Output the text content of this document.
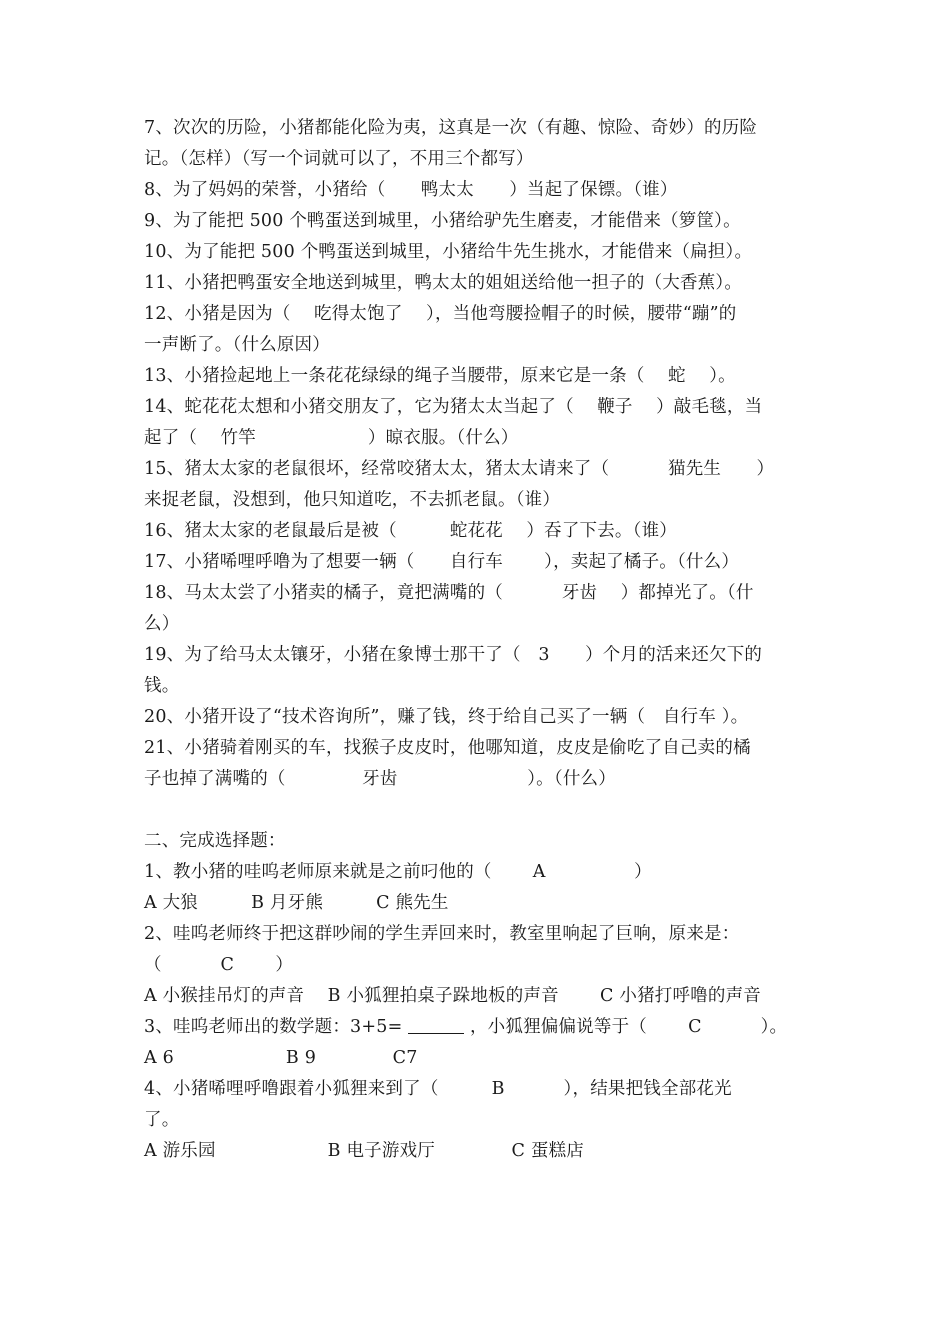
7、次次的历险，小猪都能化险为夷，这真是一次（有趣、惊险、奇妙）的历险
记。（怎样）（写一个词就可以了，不用三个都写）
8、为了妈妈的荣誉，小猪给（　　鸭太太　　）当起了保镖。（谁）
9、为了能把 500 个鸭蛋送到城里，小猪给驴先生磨麦，才能借来（箩筐）。
10、为了能把 500 个鸭蛋送到城里，小猪给牛先生挑水，才能借来（扁担）。
11、小猪把鸭蛋安全地送到城里，鸭太太的姐姐送给他一担子的（大香蕉）。
12、小猪是因为（　 吃得太饱了　 ），当他弯腰捡帽子的时候，腰带“蹦”的
一声断了。（什么原因）
13、小猪捡起地上一条花花绿绿的绳子当腰带，原来它是一条（　 蛇　 ）。
14、蛇花花太想和小猪交朋友了，它为猪太太当起了（　 鞭子　 ）敲毛毯，当
起了（　 竹竿　　　　　　 ）晾衣服。（什么）
15、猪太太家的老鼠很坏，经常咬猪太太，猪太太请来了（　　　 猫先生　　）
来捉老鼠，没想到，他只知道吃，不去抓老鼠。（谁）
16、猪太太家的老鼠最后是被（　　　蛇花花　 ）吞了下去。（谁）
17、小猪唏哩呼噜为了想要一辆（　　自行车　　 ），卖起了橘子。（什么）
18、马太太尝了小猪卖的橘子，竟把满嘴的（　　　 牙齿　 ）都掉光了。（什
么）
19、为了给马太太镶牙，小猪在象博士那干了（　3　　）个月的活来还欠下的
钱。
20、小猪开设了“技术咨询所”，赚了钱，终于给自己买了一辆（　自行车 ）。
21、小猪骑着刚买的车，找猴子皮皮时，他哪知道，皮皮是偷吃了自己卖的橘
子也掉了满嘴的（　　　　 牙齿　　　　　　　 ）。（什么）
二、完成选择题：
1、教小猪的哇呜老师原来就是之前叼他的（　　 A　　　　　）
A 大狼　　　B 月牙熊　　　C 熊先生
2、哇呜老师终于把这群吵闹的学生弄回来时，教室里响起了巨响，原来是：
（　　　 C　　 ）
A 小猴挂吊灯的声音　 B 小狐狸拍桌子跺地板的声音　　 C 小猪打呼噜的声音
3、哇呜老师出的数学题：3+5=	，小狐狸偏偏说等于（　　 C　　　 ）。
A 6　　　　　　 B 9　　　　 C7
4、小猪唏哩呼噜跟着小狐狸来到了（　　　B　　　 ），结果把钱全部花光
了。
A 游乐园　　　　　　 B 电子游戏厅　　　　 C 蛋糕店
